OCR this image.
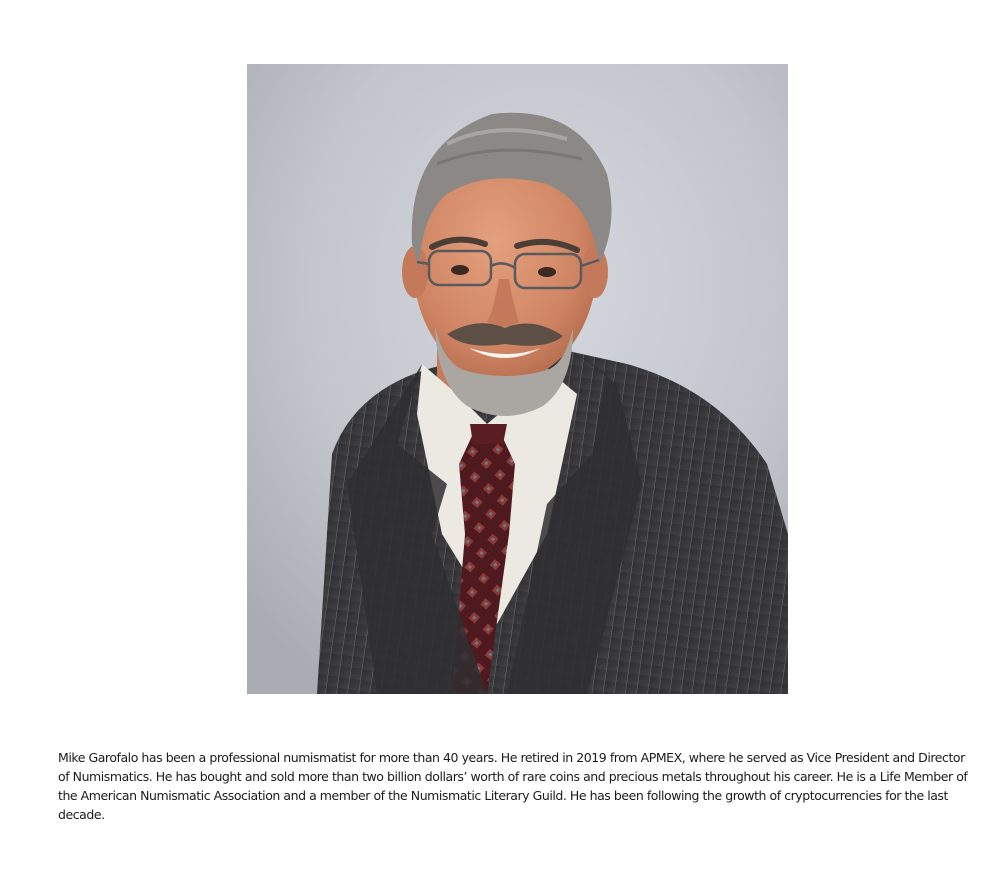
Mike Garofalo has been a professional numismatist for more than 40 years. He retired in 2019 from APMEX, where he served as Vice President and Director of Numismatics. He has bought and sold more than two billion dollars’ worth of rare coins and precious metals throughout his career. He is a Life Member of the American Numismatic Association and a member of the Numismatic Literary Guild. He has been following the growth of cryptocurrencies for the last decade.
